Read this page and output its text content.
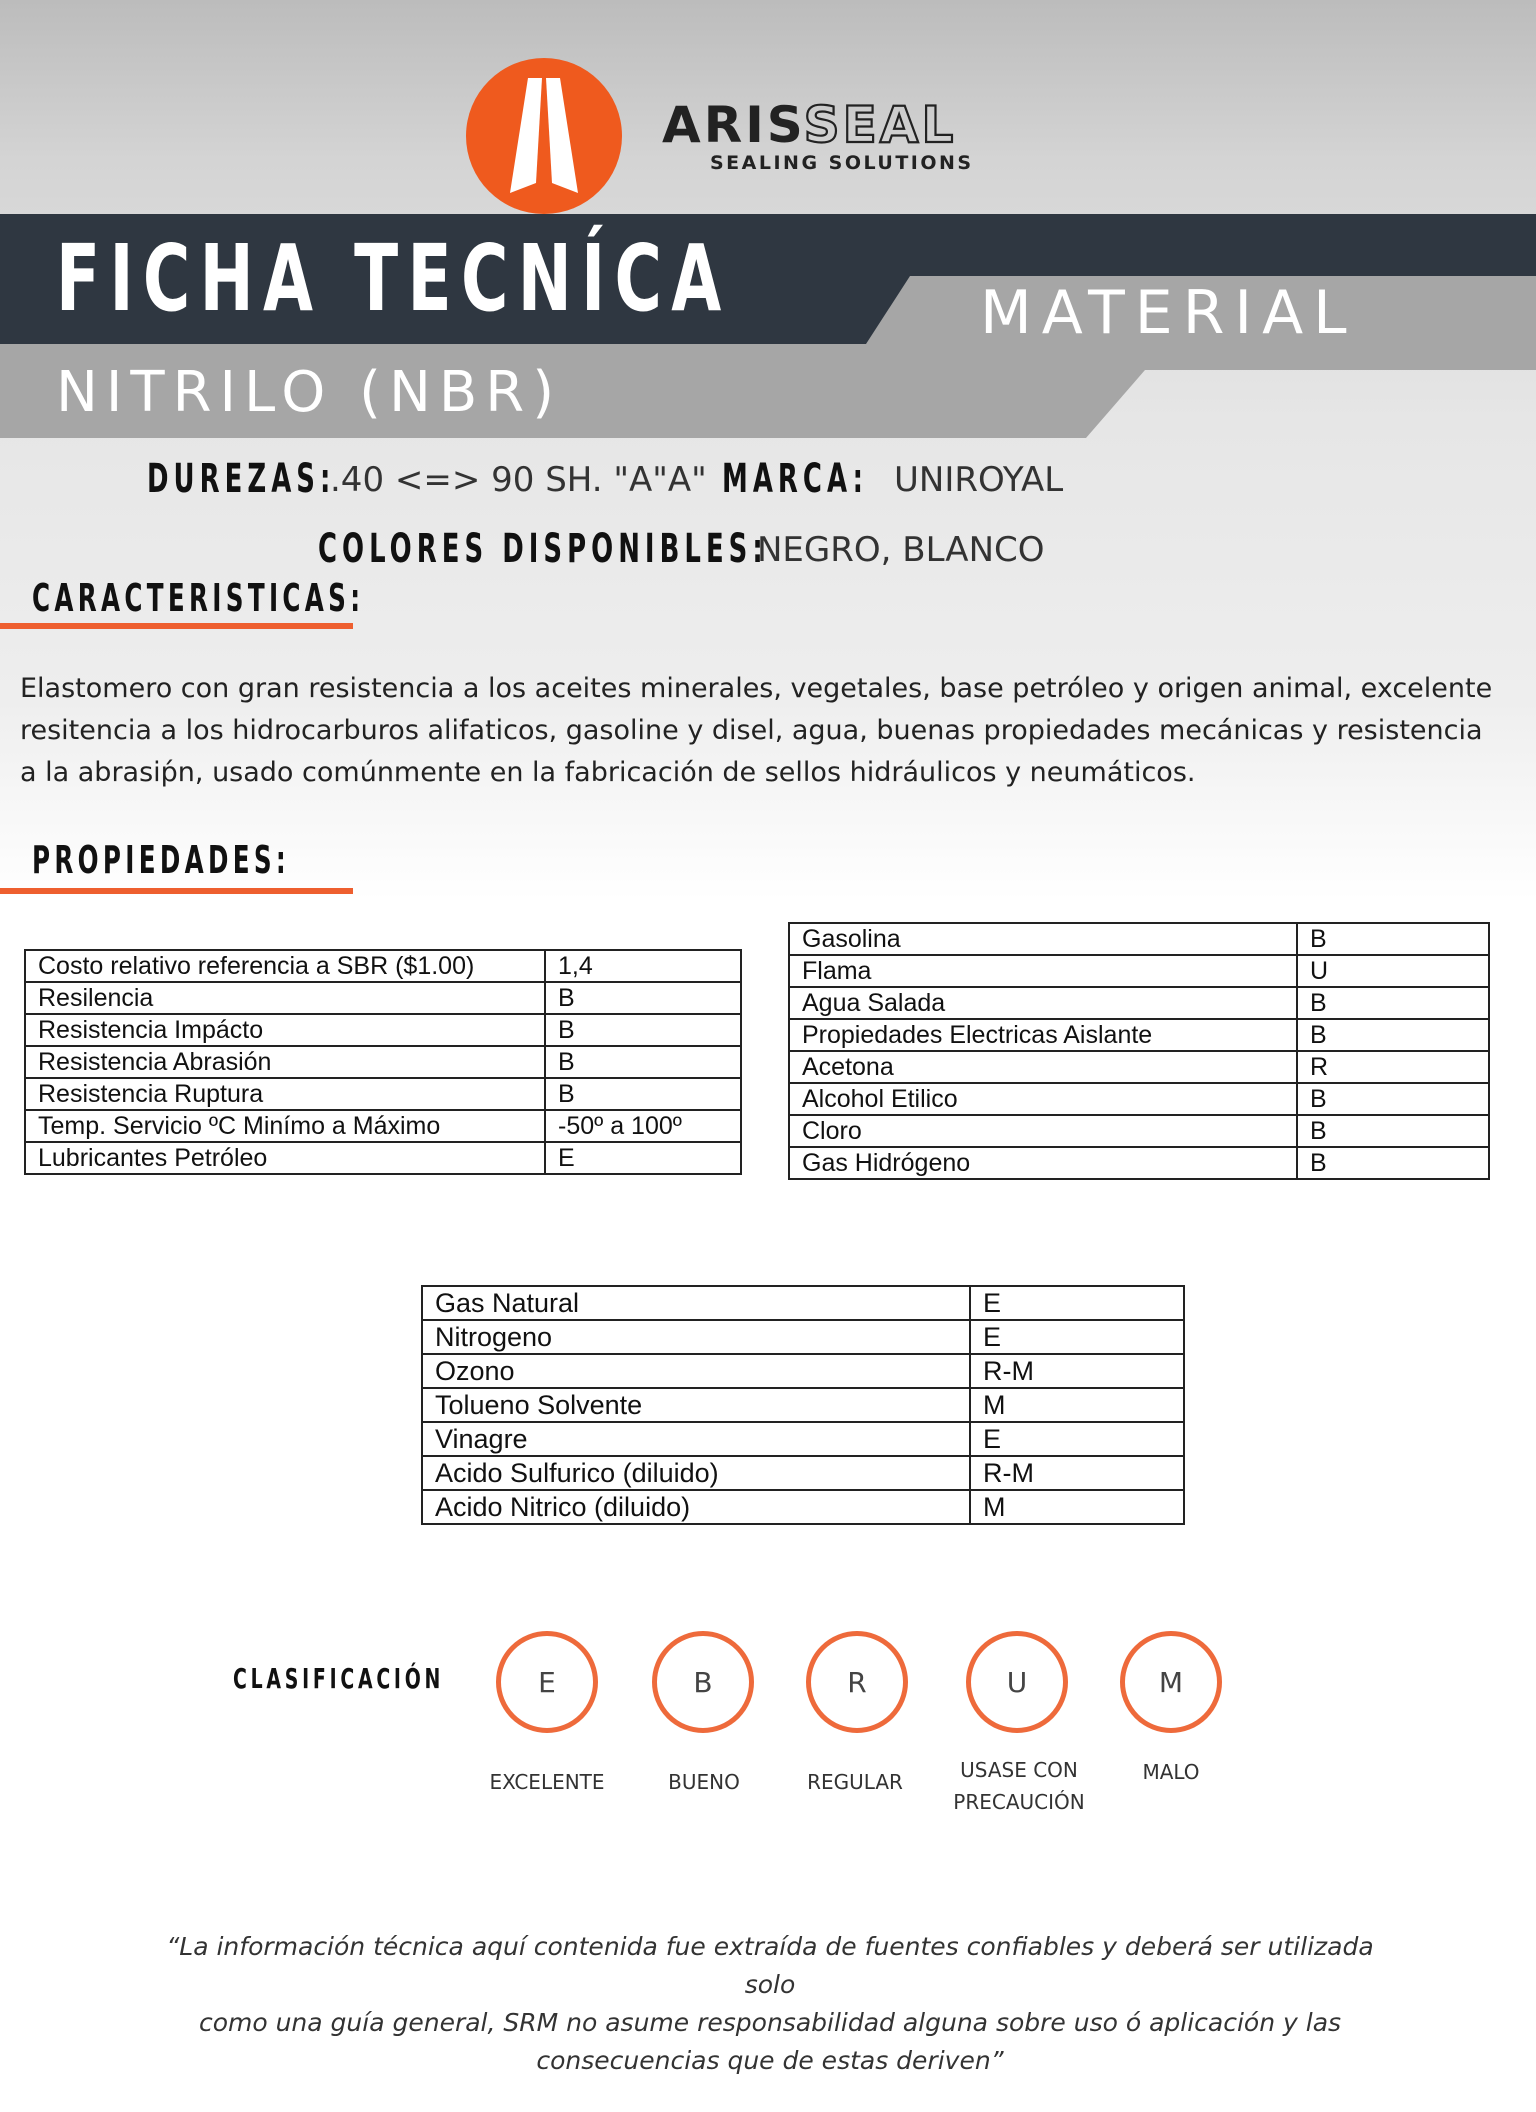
ARISSEAL
SEALING SOLUTIONS
FICHA TECNÍCA	MATERIAL
NITRILO (NBR)
DUREZAS:
.40 <=> 90 SH. "A"A" MARCA: UNIROYAL
COLORES DISPONIBLES:
NEGRO, BLANCO
CARACTERISTICAS:
Elastomero con gran resistencia a los aceites minerales, vegetales, base petróleo y origen animal, excelente
resitencia a los hidrocarburos alifaticos, gasoline y disel, agua, buenas propiedades mecánicas y resistencia
a la abrasiṕn, usado comúnmente en la fabricación de sellos hidráulicos y neumáticos.
PROPIEDADES:
Costo relativo referencia a SBR ($1.00)	1,4
Resilencia	B
Resistencia Impácto	B
Resistencia Abrasión	B
Resistencia Ruptura	B
Temp. Servicio ºC Minímo a Máximo	-50º a 100º
Lubricantes Petróleo	E
Gasolina	B
Flama	U
Agua Salada	B
Propiedades Electricas Aislante	B
Acetona	R
Alcohol Etilico	B
Cloro	B
Gas Hidrógeno	B
Gas Natural	E
Nitrogeno	E
Ozono	R-M
Tolueno Solvente	M
Vinagre	E
Acido Sulfurico (diluido)	R-M
Acido Nitrico (diluido)	M
CLASIFICACIÓN	E	B	R	U	M
EXCELENTE	BUENO	REGULAR	USASE CON
PRECAUCIÓN
MALO
“La información técnica aquí contenida fue extraída de fuentes confiables y deberá ser utilizada solo
como una guía general, SRM no asume responsabilidad alguna sobre uso ó aplicación y las
consecuencias que de estas deriven”
